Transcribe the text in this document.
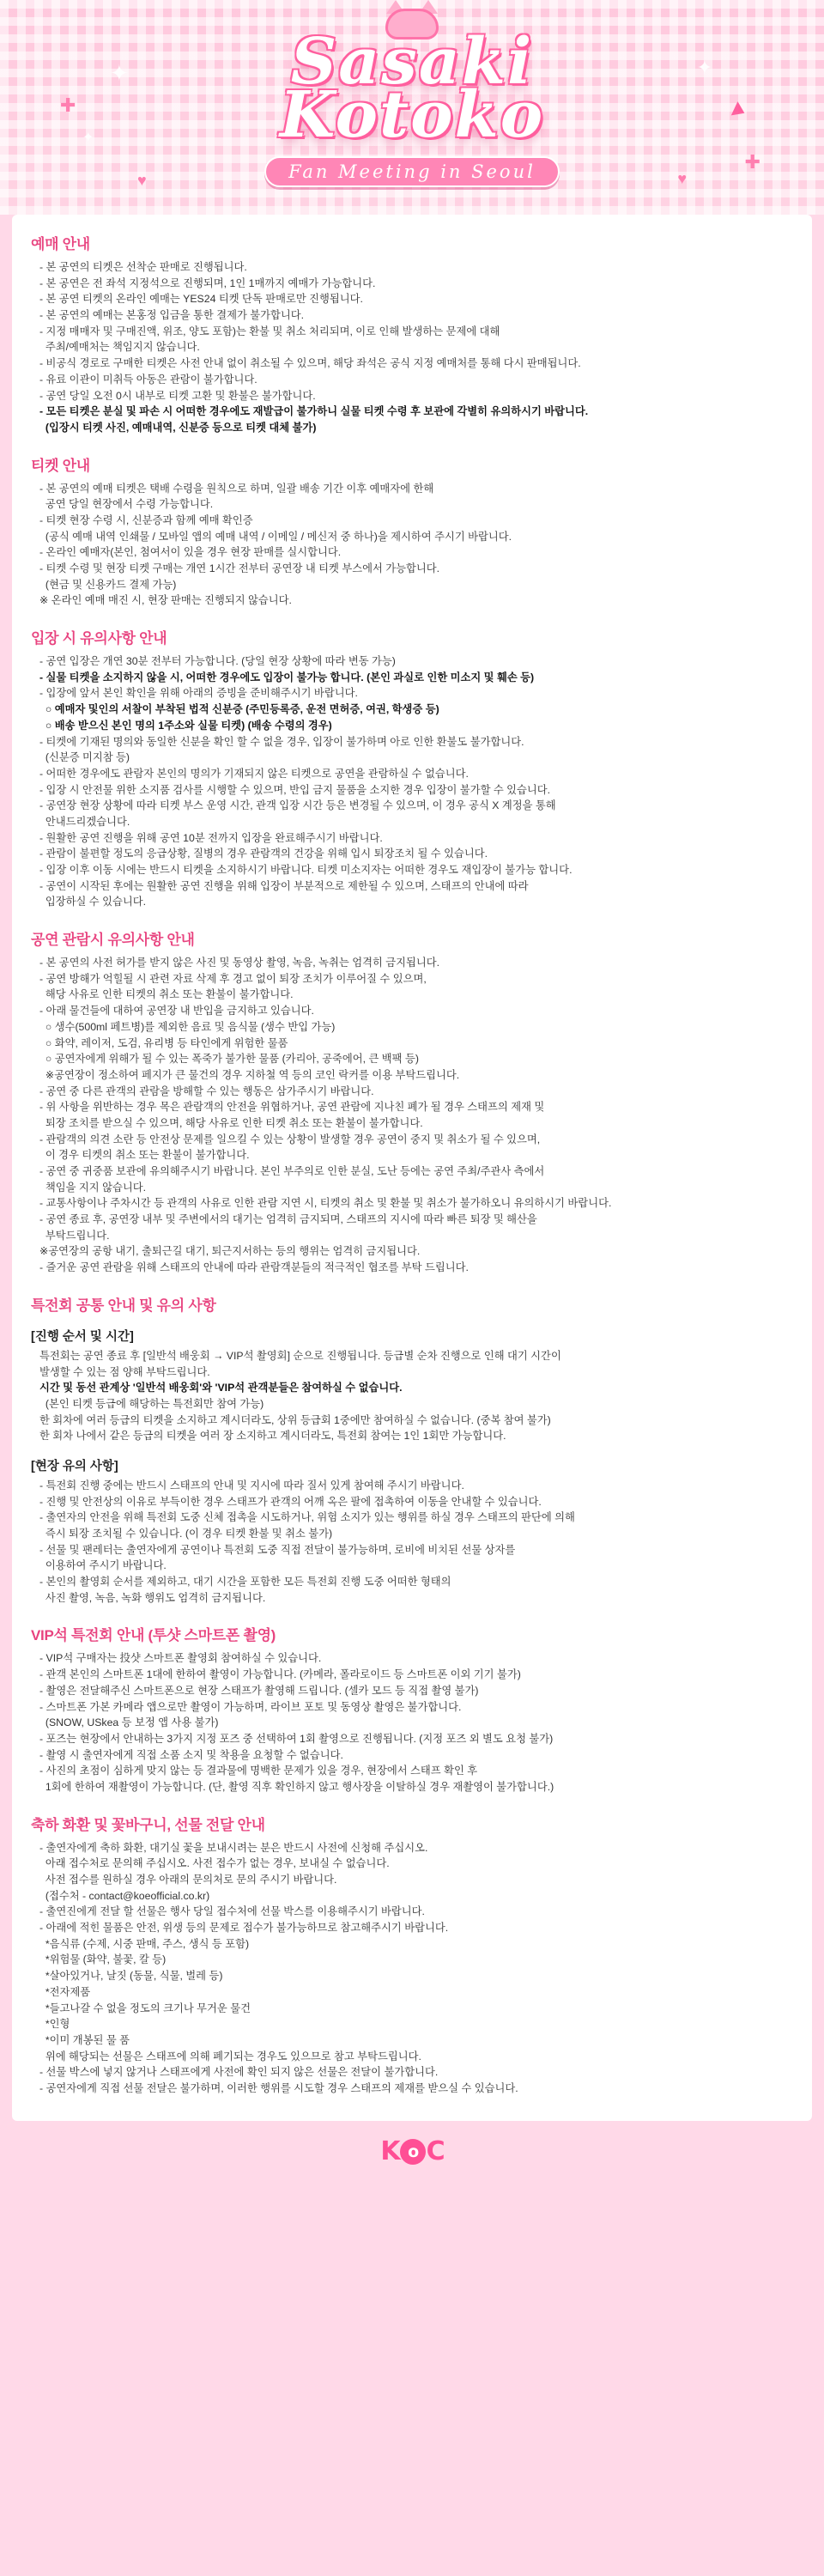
✦
✦
✦
♥	♥
✚
✚
Sasaki
Kotoko
Fan Meeting in Seoul
예매 안내
- 본 공연의 티켓은 선착순 판매로 진행됩니다.
- 본 공연은 전 좌석 지정석으로 진행되며, 1인 1매까지 예매가 가능합니다.
- 본 공연 티켓의 온라인 예매는 YES24 티켓 단독 판매로만 진행됩니다.
- 본 공연의 예매는 본홍정 입금을 통한 결제가 불가합니다.
- 지정 매매자 및 구매진액, 위조, 양도 포함)는 환불 및 취소 처리되며, 이로 인해 발생하는 문제에 대해
주최/예매처는 책임지지 않습니다.
- 비공식 경로로 구매한 티켓은 사전 안내 없이 취소될 수 있으며, 해당 좌석은 공식 지정 예매처를 통해 다시 판매됩니다.
- 유료 이관이 미취득 아동은 관람이 불가합니다.
- 공연 당일 오전 0시 내부로 티켓 고환 및 환불은 불가합니다.
- 모든 티켓은 분실 및 파손 시 어떠한 경우에도 재발급이 불가하니 실물 티켓 수령 후 보관에 각별히 유의하시기 바랍니다.
(입장시 티켓 사진, 예매내역, 신분증 등으로 티켓 대체 불가)
티켓 안내
- 본 공연의 예매 티켓은 택배 수령을 원칙으로 하며, 일괄 배송 기간 이후 예매자에 한해
공연 당일 현장에서 수령 가능합니다.
- 티켓 현장 수령 시, 신분증과 함께 예매 확인증
(공식 예매 내역 인쇄물 / 모바일 앱의 예매 내역 / 이메일 / 메신저 중 하나)을 제시하여 주시기 바랍니다.
- 온라인 예매자(본인, 첨여서이 있을 경우 현장 판매를 실시합니다.
- 티켓 수령 및 현장 티켓 구매는 개연 1시간 전부터 공연장 내 티켓 부스에서 가능합니다.
(현금 및 신용카드 결제 가능)
※ 온라인 예매 매진 시, 현장 판매는 진행되지 않습니다.
입장 시 유의사항 안내
- 공연 입장은 개연 30분 전부터 가능합니다. (당일 현장 상황에 따라 변동 가능)
- 실물 티켓을 소지하지 않을 시, 어떠한 경우에도 입장이 불가능 합니다. (본인 과실로 인한 미소지 및 훼손 등)
- 입장에 앞서 본인 확인을 위해 아래의 증빙을 준비해주시기 바랍니다.
○ 예매자 및인의 서찰이 부착된 법적 신분증 (주민등록증, 운전 면허증, 여권, 학생증 등)
○ 배송 받으신 본인 명의 1주소와 실물 티켓) (배송 수령의 경우)
- 티켓에 기재된 명의와 동일한 신분을 확인 할 수 없을 경우, 입장이 불가하며 아로 인한 환불도 불가합니다.
(신분증 미지참 등)
- 어떠한 경우에도 관람자 본인의 명의가 기재되지 않은 티켓으로 공연을 관람하실 수 없습니다.
- 입장 시 안전물 위한 소지품 검사를 시행할 수 있으며, 반입 금지 물품을 소지한 경우 입장이 불가할 수 있습니다.
- 공연장 현장 상황에 따라 티켓 부스 운영 시간, 관객 입장 시간 등은 변경될 수 있으며, 이 경우 공식 X 계정을 통해
안내드리겠습니다.
- 원활한 공연 진행을 위해 공연 10분 전까지 입장을 완료해주시기 바랍니다.
- 관람이 불편할 정도의 응급상황, 질병의 경우 관람객의 건강을 위해 입시 퇴장조치 될 수 있습니다.
- 입장 이후 이동 시에는 반드시 티켓을 소지하시기 바랍니다. 티켓 미소지자는 어떠한 경우도 재입장이 불가능 합니다.
- 공연이 시작된 후에는 원활한 공연 진행을 위해 입장이 부분적으로 제한될 수 있으며, 스태프의 안내에 따라
입장하실 수 있습니다.
공연 관람시 유의사항 안내
- 본 공연의 사전 허가를 받지 않은 사진 및 동영상 촬영, 녹음, 녹취는 엄격히 금지됩니다.
- 공연 방해가 억힐될 시 관련 자료 삭제 후 경고 없이 퇴장 조치가 이루어질 수 있으며,
해당 사유로 인한 티켓의 취소 또는 환불이 불가합니다.
- 아래 물건들에 대하여 공연장 내 반입을 금지하고 있습니다.
○ 생수(500ml 페트병)를 제외한 음료 및 음식물 (생수 반입 가능)
○ 화약, 레이저, 도검, 유리병 등 타인에게 위험한 물품
○ 공연자에게 위해가 될 수 있는 폭죽가 불가한 물품 (카리아, 공죽에어, 큰 백팩 등)
※공연장이 정소하여 페지가 큰 물건의 경우 지하철 역 등의 코인 락커를 이용 부탁드립니다.
- 공연 중 다른 관객의 관람을 방해할 수 있는 행동은 삼가주시기 바랍니다.
- 위 사항을 위반하는 경우 목은 관람객의 안전을 위협하거나, 공연 관람에 지나친 폐가 될 경우 스태프의 제재 및
퇴장 조치를 받으실 수 있으며, 해당 사유로 인한 티켓 취소 또는 환불이 불가합니다.
- 관람객의 의견 소란 등 안전상 문제를 일으킬 수 있는 상황이 발생할 경우 공연이 중지 및 취소가 될 수 있으며,
이 경우 티켓의 취소 또는 환불이 불가합니다.
- 공연 중 귀중품 보관에 유의해주시기 바랍니다. 본인 부주의로 인한 분실, 도난 등에는 공연 주최/주관사 측에서
책임을 지지 않습니다.
- 교통사항이나 주차시간 등 관객의 사유로 인한 관람 지연 시, 티켓의 취소 및 환불 및 취소가 불가하오니 유의하시기 바랍니다.
- 공연 종료 후, 공연장 내부 및 주변에서의 대기는 엄격히 금지되며, 스태프의 지시에 따라 빠른 퇴장 및 해산을
부탁드립니다.
※공연장의 공항 내기, 출퇴근길 대기, 퇴근지서하는 등의 행위는 엄격히 금지됩니다.
- 즐거운 공연 관람을 위해 스태프의 안내에 따라 관람객분들의 적극적인 협조를 부탁 드립니다.
특전회 공통 안내 및 유의 사항
[진행 순서 및 시간]
특전회는 공연 종료 후 [일반석 배웅회 → VIP석 촬영회] 순으로 진행됩니다. 등급별 순차 진행으로 인해 대기 시간이
발생할 수 있는 점 양해 부탁드립니다.
시간 및 동선 관계상 '일반석 배웅회'와 'VIP석 관객분들은 참여하실 수 없습니다.
(본인 티켓 등급에 해당하는 특전회만 참여 가능)
한 회차에 여러 등급의 티켓을 소지하고 계시더라도, 상위 등급회 1중에만 참여하실 수 없습니다. (중복 참여 불가)
한 회차 나에서 같은 등급의 티켓을 여러 장 소지하고 계시더라도, 특전회 참여는 1인 1회만 가능합니다.
[현장 유의 사항]
- 특전회 진행 중에는 반드시 스태프의 안내 및 지시에 따라 질서 있게 참여해 주시기 바랍니다.
- 진행 및 안전상의 이유로 부득이한 경우 스태프가 관객의 어깨 옥은 팔에 접촉하여 이동을 안내할 수 있습니다.
- 출연자의 안전을 위해 특전회 도중 신체 접촉을 시도하거나, 위험 소지가 있는 행위를 하실 경우 스태프의 판단에 의해
즉시 퇴장 조치될 수 있습니다. (이 경우 티켓 환불 및 취소 불가)
- 선물 및 팬레터는 출연자에게 공연이나 특전회 도중 직접 전달이 불가능하며, 로비에 비치된 선물 상자를
이용하여 주시기 바랍니다.
- 본인의 촬영회 순서를 제외하고, 대기 시간을 포함한 모든 특전회 진행 도중 어떠한 형태의
사진 촬영, 녹음, 녹화 행위도 엄격히 금지됩니다.
VIP석 특전회 안내 (투샷 스마트폰 촬영)
- VIP석 구매자는 投샷 스마트폰 촬영회 참여하실 수 있습니다.
- 관객 본인의 스마트폰 1대에 한하여 촬영이 가능합니다. (카메라, 폴라로이드 등 스마트폰 이외 기기 불가)
- 촬영은 전달해주신 스마트폰으로 현장 스태프가 촬영해 드립니다. (셀카 모드 등 직접 촬영 불가)
- 스마트폰 가본 카메라 앱으로만 촬영이 가능하며, 라이브 포토 및 동영상 촬영은 불가합니다.
(SNOW, USkea 등 보정 앱 사용 불가)
- 포즈는 현장에서 안내하는 3가지 지정 포즈 중 선택하여 1회 촬영으로 진행됩니다. (지정 포즈 외 별도 요청 불가)
- 촬영 시 출연자에게 직접 소품 소지 및 착용을 요청할 수 없습니다.
- 사진의 초점이 심하게 맞지 않는 등 결과물에 명백한 문제가 있을 경우, 현장에서 스태프 확인 후
1회에 한하여 재촬영이 가능합니다. (단, 촬영 직후 확인하지 않고 행사장을 이탈하실 경우 재촬영이 불가합니다.)
축하 화환 및 꽃바구니, 선물 전달 안내
- 출연자에게 축하 화환, 대기실 꽃을 보내시려는 분은 반드시 사전에 신청해 주십시오.
아래 접수처로 문의해 주십시오. 사전 접수가 없는 경우, 보내실 수 없습니다.
사전 접수를 원하실 경우 아래의 문의처로 문의 주시기 바랍니다.
(접수처 - contact@koeofficial.co.kr)
- 출연진에게 전달 할 선물은 행사 당일 접수처에 선물 박스를 이용해주시기 바랍니다.
- 아래에 적힌 물품은 안전, 위생 등의 문제로 접수가 불가능하므로 참고해주시기 바랍니다.
*음식류 (수제, 시중 판매, 주스, 생식 등 포함)
*위험물 (화약, 불꽃, 칼 등)
*살아있거나, 날짓 (동물, 식물, 벌레 등)
*전자제품
*들고나갈 수 없을 정도의 크기나 무거운 물건
*인형
*이미 개봉된 물 품
위에 해당되는 선물은 스태프에 의해 폐기되는 경우도 있으므로 참고 부탁드립니다.
- 선물 박스에 넣지 않거나 스태프에게 사전에 확인 되지 않은 선물은 전달이 불가합니다.
- 공연자에게 직접 선물 전달은 불가하며, 이러한 행위를 시도할 경우 스태프의 제재를 받으실 수 있습니다.
K o C
